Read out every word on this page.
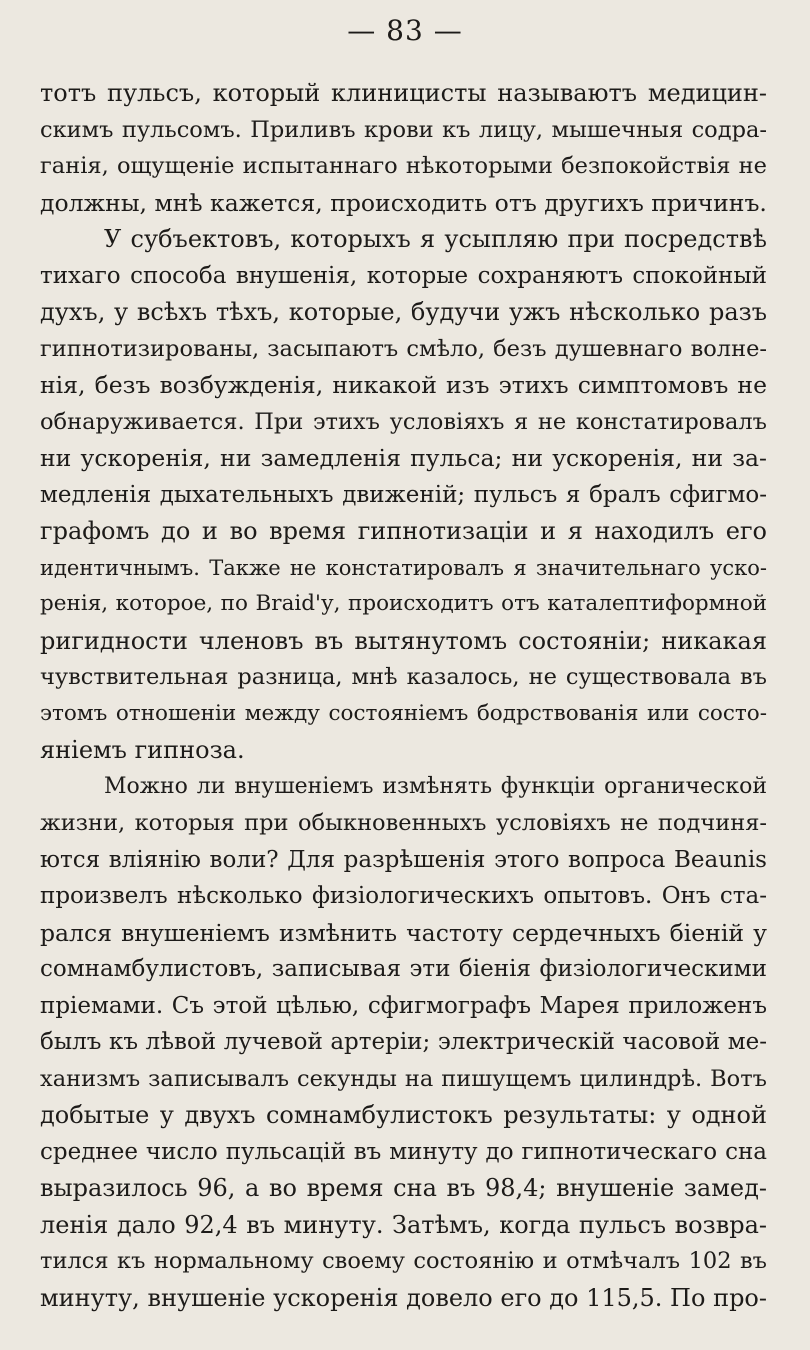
— 83 —
тотъ пульсъ, который клиницисты называютъ медицин-
скимъ пульсомъ. Приливъ крови къ лицу, мышечныя содра-
ганія, ощущеніе испытаннаго нѣкоторыми безпокойствія не
должны, мнѣ кажется, происходить отъ другихъ причинъ.
У субъектовъ, которыхъ я усыпляю при посредствѣ
тихаго способа внушенія, которые сохраняютъ спокойный
духъ, у всѣхъ тѣхъ, которые, будучи ужъ нѣсколько разъ
гипнотизированы, засыпаютъ смѣло, безъ душевнаго волне-
нія, безъ возбужденія, никакой изъ этихъ симптомовъ не
обнаруживается. При этихъ условіяхъ я не констатировалъ
ни ускоренія, ни замедленія пульса; ни ускоренія, ни за-
медленія дыхательныхъ движеній; пульсъ я бралъ сфигмо-
графомъ до и во время гипнотизаціи и я находилъ его
идентичнымъ. Также не констатировалъ я значительнаго уско-
ренія, которое, по Braid'у, происходитъ отъ каталептиформной
ригидности членовъ въ вытянутомъ состояніи; никакая
чувствительная разница, мнѣ казалось, не существовала въ
этомъ отношеніи между состояніемъ бодрствованія или состо-
яніемъ гипноза.
Можно ли внушеніемъ измѣнять функціи органической
жизни, которыя при обыкновенныхъ условіяхъ не подчиня-
ются вліянію воли? Для разрѣшенія этого вопроса Beaunis
произвелъ нѣсколько физіологическихъ опытовъ. Онъ ста-
рался внушеніемъ измѣнить частоту сердечныхъ біеній у
сомнамбулистовъ, записывая эти біенія физіологическими
пріемами. Съ этой цѣлью, сфигмографъ Марея приложенъ
былъ къ лѣвой лучевой артеріи; электрическій часовой ме-
ханизмъ записывалъ секунды на пишущемъ цилиндрѣ. Вотъ
добытые у двухъ сомнамбулистокъ результаты: у одной
среднее число пульсацій въ минуту до гипнотическаго сна
выразилось 96, а во время сна въ 98,4; внушеніе замед-
ленія дало 92,4 въ минуту. Затѣмъ, когда пульсъ возвра-
тился къ нормальному своему состоянію и отмѣчалъ 102 въ
минуту, внушеніе ускоренія довело его до 115,5. По про-
